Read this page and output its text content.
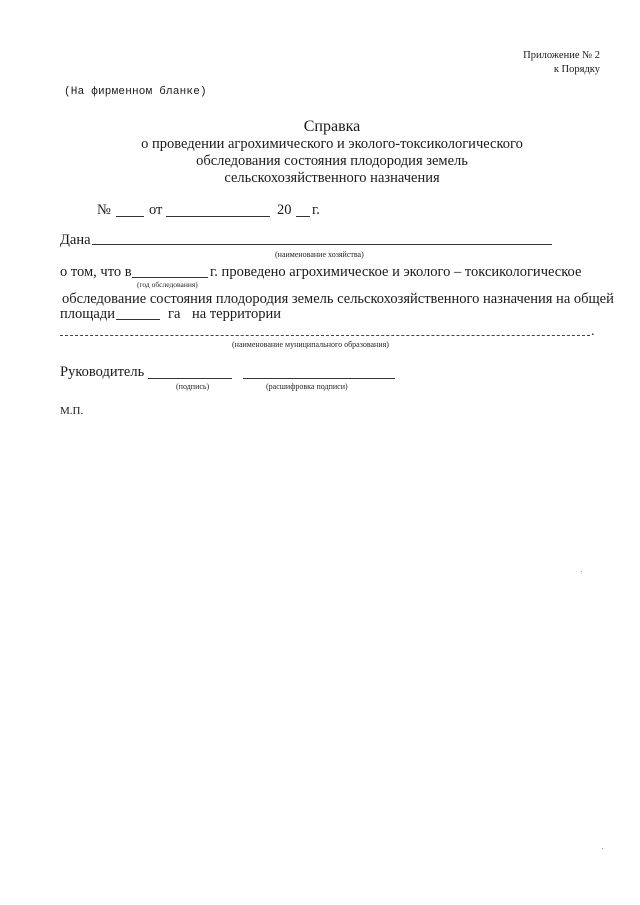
Приложение № 2
к Порядку
(На фирменном бланке)
Справка
о проведении агрохимического и эколого-токсикологического
обследования состояния плодородия земель
сельскохозяйственного назначения
№	от	20 г.
Дана
(наименование хозяйства)
о том, что в	г. проведено агрохимическое и эколого – токсикологическое
(год обследования)
обследование состояния плодородия земель сельскохозяйственного назначения на общей
площади	га на территории
.
(наименование муниципального образования)
Руководитель
(подпись)	(расшифровка подписи)
М.П.
